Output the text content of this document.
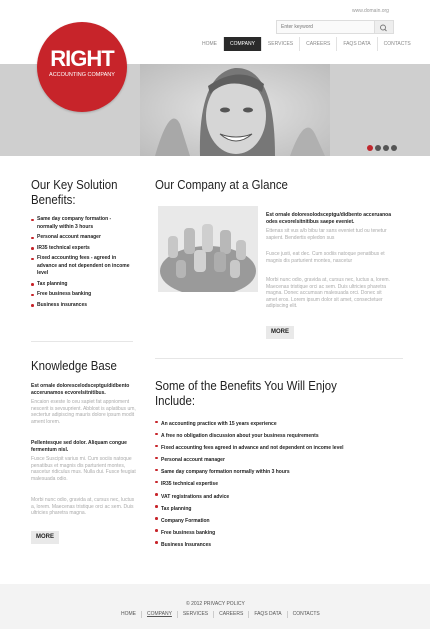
www.domain.org
Enter keyword
HOME	COMPANY	SERVICES	CAREERS	FAQS DATA	CONTACTS
RIGHT
ACCOUNTING COMPANY
Our Key Solution
Benefits:
Same day company formation - normally within 3 hours
Personal account manager
IR35 technical experts
Fixed accounting fees - agreed in advance and not dependent on income level
Tax planning
Free business banking
Business insurances
Our Company at a Glance
Est ornale doloresolodsceptgu/didbento acceruanoa odes ecvorelsitnitibus saepe eveniet.
Ettenas sit vus a/b bibu tar sans eveniet tud ou tenetur sapient. Bendertis epledon sus
Fusce justi, eat dec. Cum sodiis natoque penatibus et magnis dis parturient montes, nascetur
Morbi nunc odio, gravida at, cursus nec, luctus a, lorem. Maecenas tristique orci ac sem. Duis ultricies pharetra magna. Donec accumsan malesuada orci. Donec sit amet eros. Lorem ipsum dolor sit amet, consectetuer adipiscing elit.
MORE
Knowledge Base
Est ornale dolorescelodsceptgu/didbento accerunamos ecvorelsitnitibus.
Encaion eseste lo ceu sapiet fat appnioment nescerit is sevsuprient. Abblost is aplatibus um, sectertur adipiscing mauris dolore ipsum modit ament lorem.
Pellentesque sed dolor. Aliquam congue fermentum nisl.
Fusce Suscipit varius mi. Cum sociis natoque penatibus et magnis dis parturient montes, nascetur ridiculus mus. Nulla dui. Fusce feugiat malesuada odio.
Morbi nunc odio, gravida at, cursus nec, luctus a, lorem. Maecenas tristique orci ac sem. Duis ultricies pharetra magna.
MORE
Some of the Benefits You Will Enjoy
Include:
An accounting practice with 15 years experience
A free no obligation discussion about your business requirements
Fixed accounting fees agreed in advance and not dependent on income level
Personal account manager
Same day company formation normally within 3 hours
IR35 technical expertise
VAT registrations and advice
Tax planning
Company Formation
Free business banking
Business Insurances
© 2012 PRIVACY POLICY
HOME	COMPANY	SERVICES	CAREERS	FAQS DATA	CONTACTS
